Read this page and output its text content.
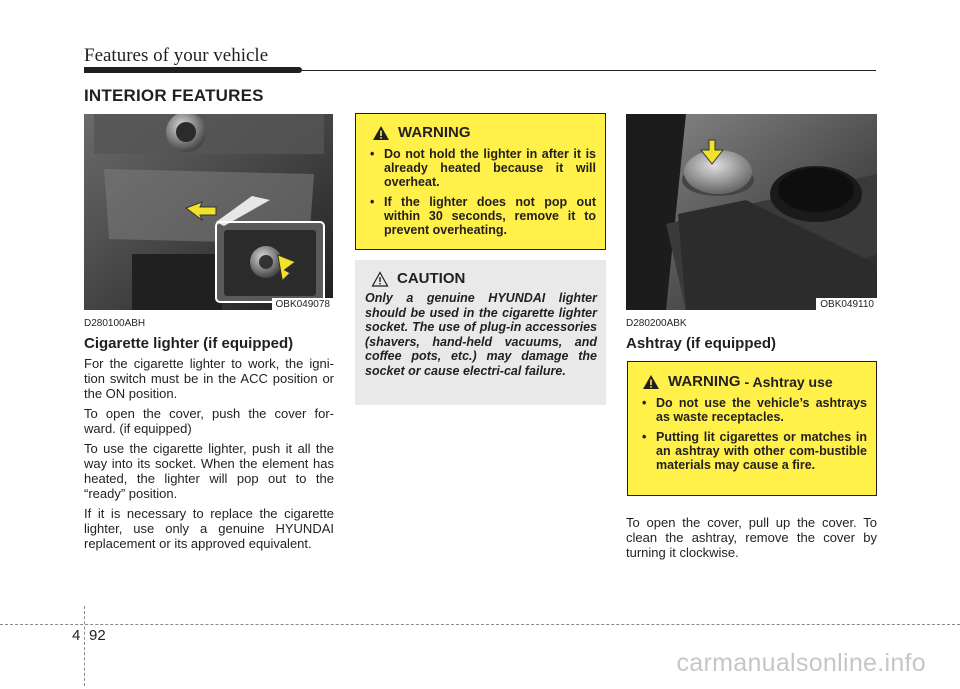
Features of your vehicle
INTERIOR FEATURES
OBK049078
D280100ABH
Cigarette lighter (if equipped)

For the cigarette lighter to work, the igni-tion switch must be in the ACC position or the ON position.

To open the cover, push the cover for-ward. (if equipped)

To use the cigarette lighter, push it all the way into its socket. When the element has heated, the lighter will pop out to the “ready” position.

If it is necessary to replace the cigarette lighter, use only a genuine HYUNDAI replacement or its approved equivalent.

WARNING
• Do not hold the lighter in after it is already heated because it will overheat.
• If the lighter does not pop out within 30 seconds, remove it to prevent overheating.
CAUTION
Only a genuine HYUNDAI lighter should be used in the cigarette lighter socket. The use of plug-in accessories (shavers, hand-held vacuums, and coffee pots, etc.) may damage the socket or cause electri-cal failure.
OBK049110
D280200ABK
Ashtray (if equipped)
WARNING - Ashtray use
• Do not use the vehicle’s ashtrays as waste receptacles.
• Putting lit cigarettes or matches in an ashtray with other com-bustible materials may cause a fire.

To open the cover, pull up the cover. To clean the ashtray, remove the cover by turning it clockwise.

4 92
carmanualsonline.info
